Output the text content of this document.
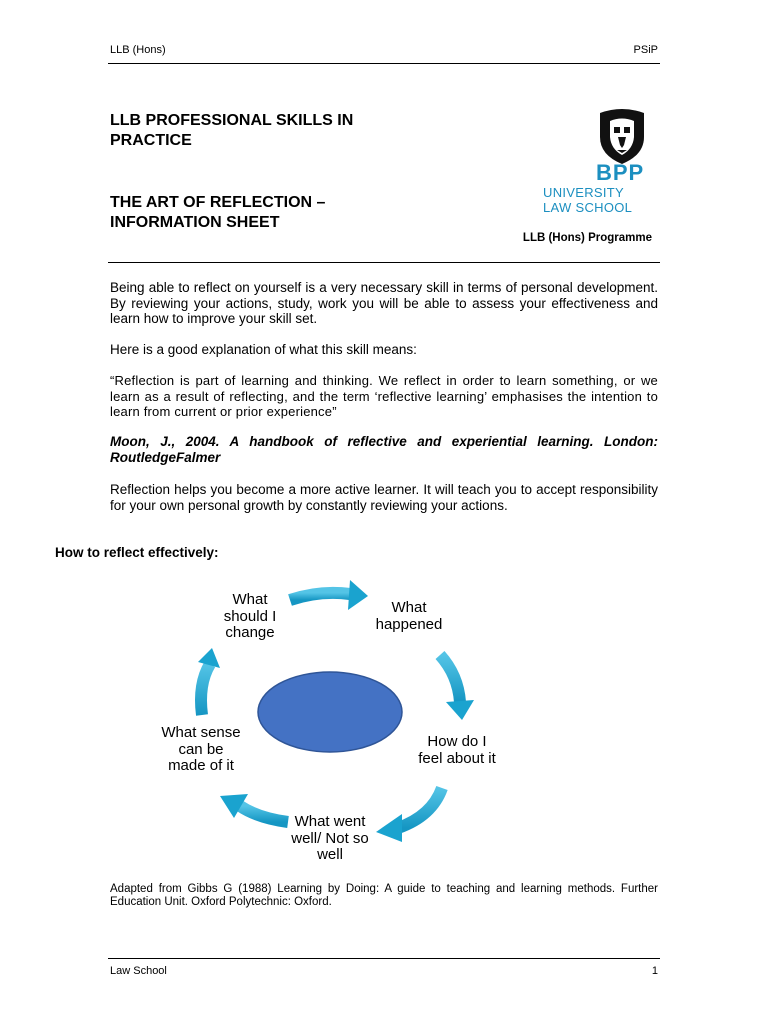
LLB (Hons)	PSiP
LLB PROFESSIONAL SKILLS IN
PRACTICE
THE ART OF REFLECTION –
INFORMATION SHEET
BPP
UNIVERSITY
LAW SCHOOL
LLB (Hons) Programme
Being able to reflect on yourself is a very necessary skill in terms of personal development. By reviewing your actions, study, work you will be able to assess your effectiveness and learn how to improve your skill set.
Here is a good explanation of what this skill means:
“Reflection is part of learning and thinking. We reflect in order to learn something, or we learn as a result of reflecting, and the term ‘reflective learning’ emphasises the intention to learn from current or prior experience”
Moon, J., 2004. A handbook of reflective and experiential learning. London: RoutledgeFalmer
Reflection helps you become a more active learner. It will teach you to accept responsibility for your own personal growth by constantly reviewing your actions.
How to reflect effectively:
What happened
How do I feel about it
What went well/ Not so well
What sense can be made of it
What should I change
Adapted from Gibbs G (1988) Learning by Doing: A guide to teaching and learning methods. Further Education Unit. Oxford Polytechnic: Oxford.
Law School	1
